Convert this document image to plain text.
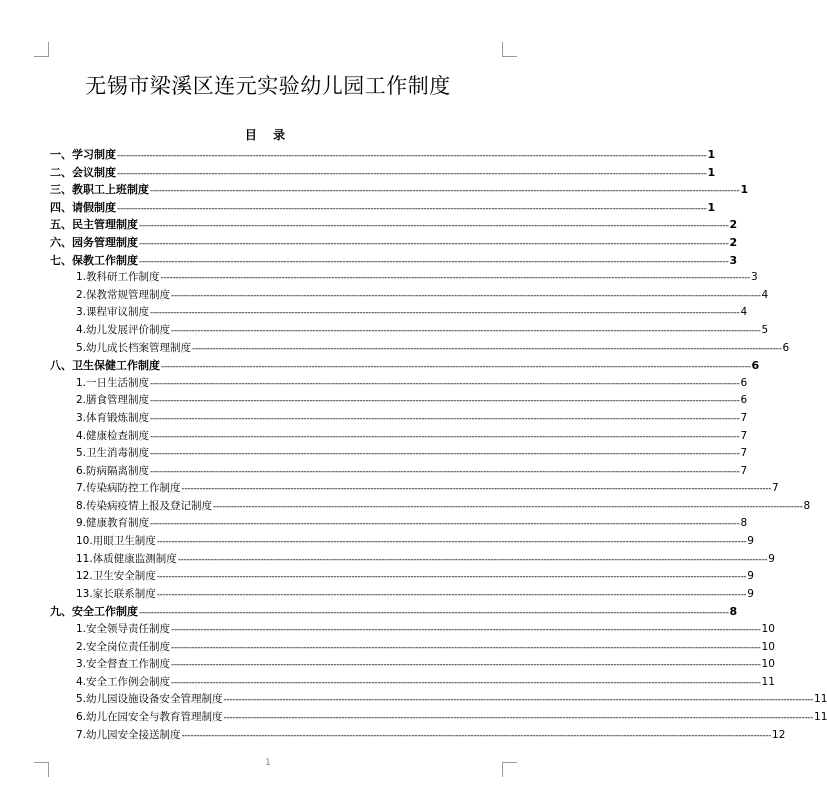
无锡市梁溪区连元实验幼儿园工作制度
目 录
一、 学习制度 -------------------------------------------------------------------------------------------------------------------------------------------------------------------------------------------------------- 1
二、 会议制度 -------------------------------------------------------------------------------------------------------------------------------------------------------------------------------------------------------- 1
三、 教职工上班制度 -------------------------------------------------------------------------------------------------------------------------------------------------------------------------------------------------------- 1
四、 请假制度 -------------------------------------------------------------------------------------------------------------------------------------------------------------------------------------------------------- 1
五、 民主管理制度 -------------------------------------------------------------------------------------------------------------------------------------------------------------------------------------------------------- 2
六、 园务管理制度 -------------------------------------------------------------------------------------------------------------------------------------------------------------------------------------------------------- 2
七、 保教工作制度 -------------------------------------------------------------------------------------------------------------------------------------------------------------------------------------------------------- 3
1. 教科研工作制度 -------------------------------------------------------------------------------------------------------------------------------------------------------------------------------------------------------- 3
2. 保教常规管理制度 -------------------------------------------------------------------------------------------------------------------------------------------------------------------------------------------------------- 4
3. 课程审议制度 -------------------------------------------------------------------------------------------------------------------------------------------------------------------------------------------------------- 4
4. 幼儿发展评价制度 -------------------------------------------------------------------------------------------------------------------------------------------------------------------------------------------------------- 5
5. 幼儿成长档案管理制度 -------------------------------------------------------------------------------------------------------------------------------------------------------------------------------------------------------- 6
八、 卫生保健工作制度 -------------------------------------------------------------------------------------------------------------------------------------------------------------------------------------------------------- 6
1. 一日生活制度 -------------------------------------------------------------------------------------------------------------------------------------------------------------------------------------------------------- 6
2. 膳食管理制度 -------------------------------------------------------------------------------------------------------------------------------------------------------------------------------------------------------- 6
3. 体育锻炼制度 -------------------------------------------------------------------------------------------------------------------------------------------------------------------------------------------------------- 7
4. 健康检查制度 -------------------------------------------------------------------------------------------------------------------------------------------------------------------------------------------------------- 7
5. 卫生消毒制度 -------------------------------------------------------------------------------------------------------------------------------------------------------------------------------------------------------- 7
6. 防病隔离制度 -------------------------------------------------------------------------------------------------------------------------------------------------------------------------------------------------------- 7
7. 传染病防控工作制度 -------------------------------------------------------------------------------------------------------------------------------------------------------------------------------------------------------- 7
8. 传染病疫情上报及登记制度 -------------------------------------------------------------------------------------------------------------------------------------------------------------------------------------------------------- 8
9. 健康教育制度 -------------------------------------------------------------------------------------------------------------------------------------------------------------------------------------------------------- 8
10. 用眼卫生制度 -------------------------------------------------------------------------------------------------------------------------------------------------------------------------------------------------------- 9
11. 体质健康监测制度 -------------------------------------------------------------------------------------------------------------------------------------------------------------------------------------------------------- 9
12. 卫生安全制度 -------------------------------------------------------------------------------------------------------------------------------------------------------------------------------------------------------- 9
13. 家长联系制度 -------------------------------------------------------------------------------------------------------------------------------------------------------------------------------------------------------- 9
九、 安全工作制度 -------------------------------------------------------------------------------------------------------------------------------------------------------------------------------------------------------- 8
1. 安全领导责任制度 -------------------------------------------------------------------------------------------------------------------------------------------------------------------------------------------------------- 10
2. 安全岗位责任制度 -------------------------------------------------------------------------------------------------------------------------------------------------------------------------------------------------------- 10
3. 安全督查工作制度 -------------------------------------------------------------------------------------------------------------------------------------------------------------------------------------------------------- 10
4. 安全工作例会制度 -------------------------------------------------------------------------------------------------------------------------------------------------------------------------------------------------------- 11
5. 幼儿园设施设备安全管理制度 -------------------------------------------------------------------------------------------------------------------------------------------------------------------------------------------------------- 11
6. 幼儿在园安全与教育管理制度 -------------------------------------------------------------------------------------------------------------------------------------------------------------------------------------------------------- 11
7. 幼儿园安全接送制度 -------------------------------------------------------------------------------------------------------------------------------------------------------------------------------------------------------- 12
1
